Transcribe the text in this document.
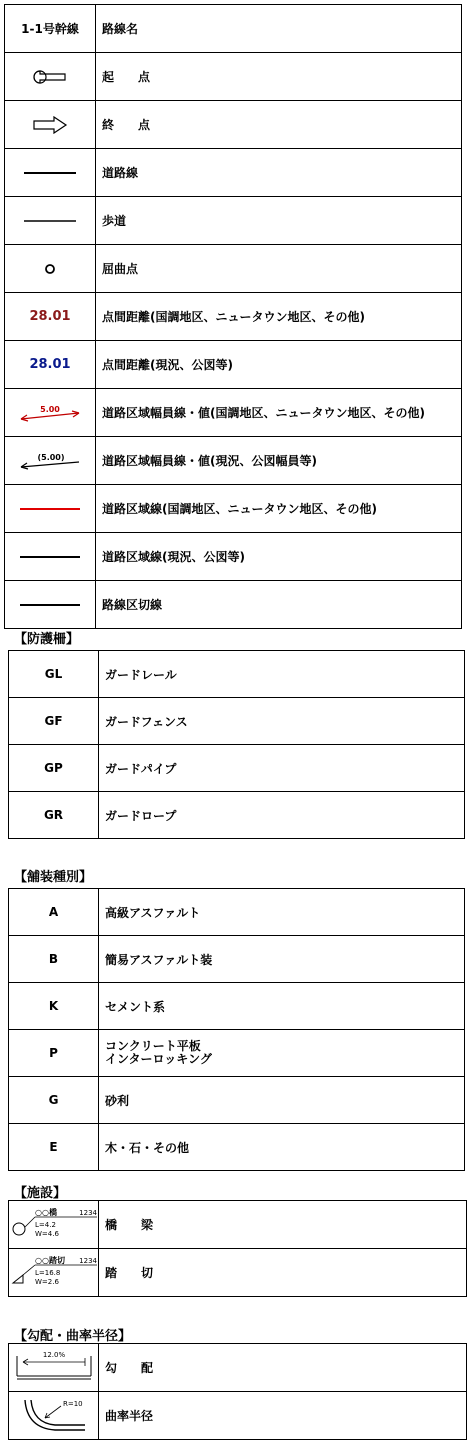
1-1号幹線	路線名

	起　　点

	終　　点

	道路線

	歩道

	屈曲点
28.01	点間距離(国調地区、ニュータウン地区、その他)
28.01	点間距離(現況、公図等)

5.00	道路区域幅員線・値(国調地区、ニュータウン地区、その他)

(5.00)	道路区域幅員線・値(現況、公図幅員等)

	道路区域線(国調地区、ニュータウン地区、その他)

	道路区域線(現況、公図等)

	路線区切線
【防護柵】
GL	ガードレール
GF	ガードフェンス
GP	ガードパイプ
GR	ガードロープ
【舗装種別】
A	高級アスファルト
B	簡易アスファルト装
K	セメント系
P	コンクリート平板
インターロッキング

G	砂利
E	木・石・その他
【施設】
○○橋 1234
L=4.2
W=4.6	橋　　梁

○○踏切 1234
L=16.8
W=2.6	踏　　切
【勾配・曲率半径】
12.0%	勾　　配

R=10	曲率半径
